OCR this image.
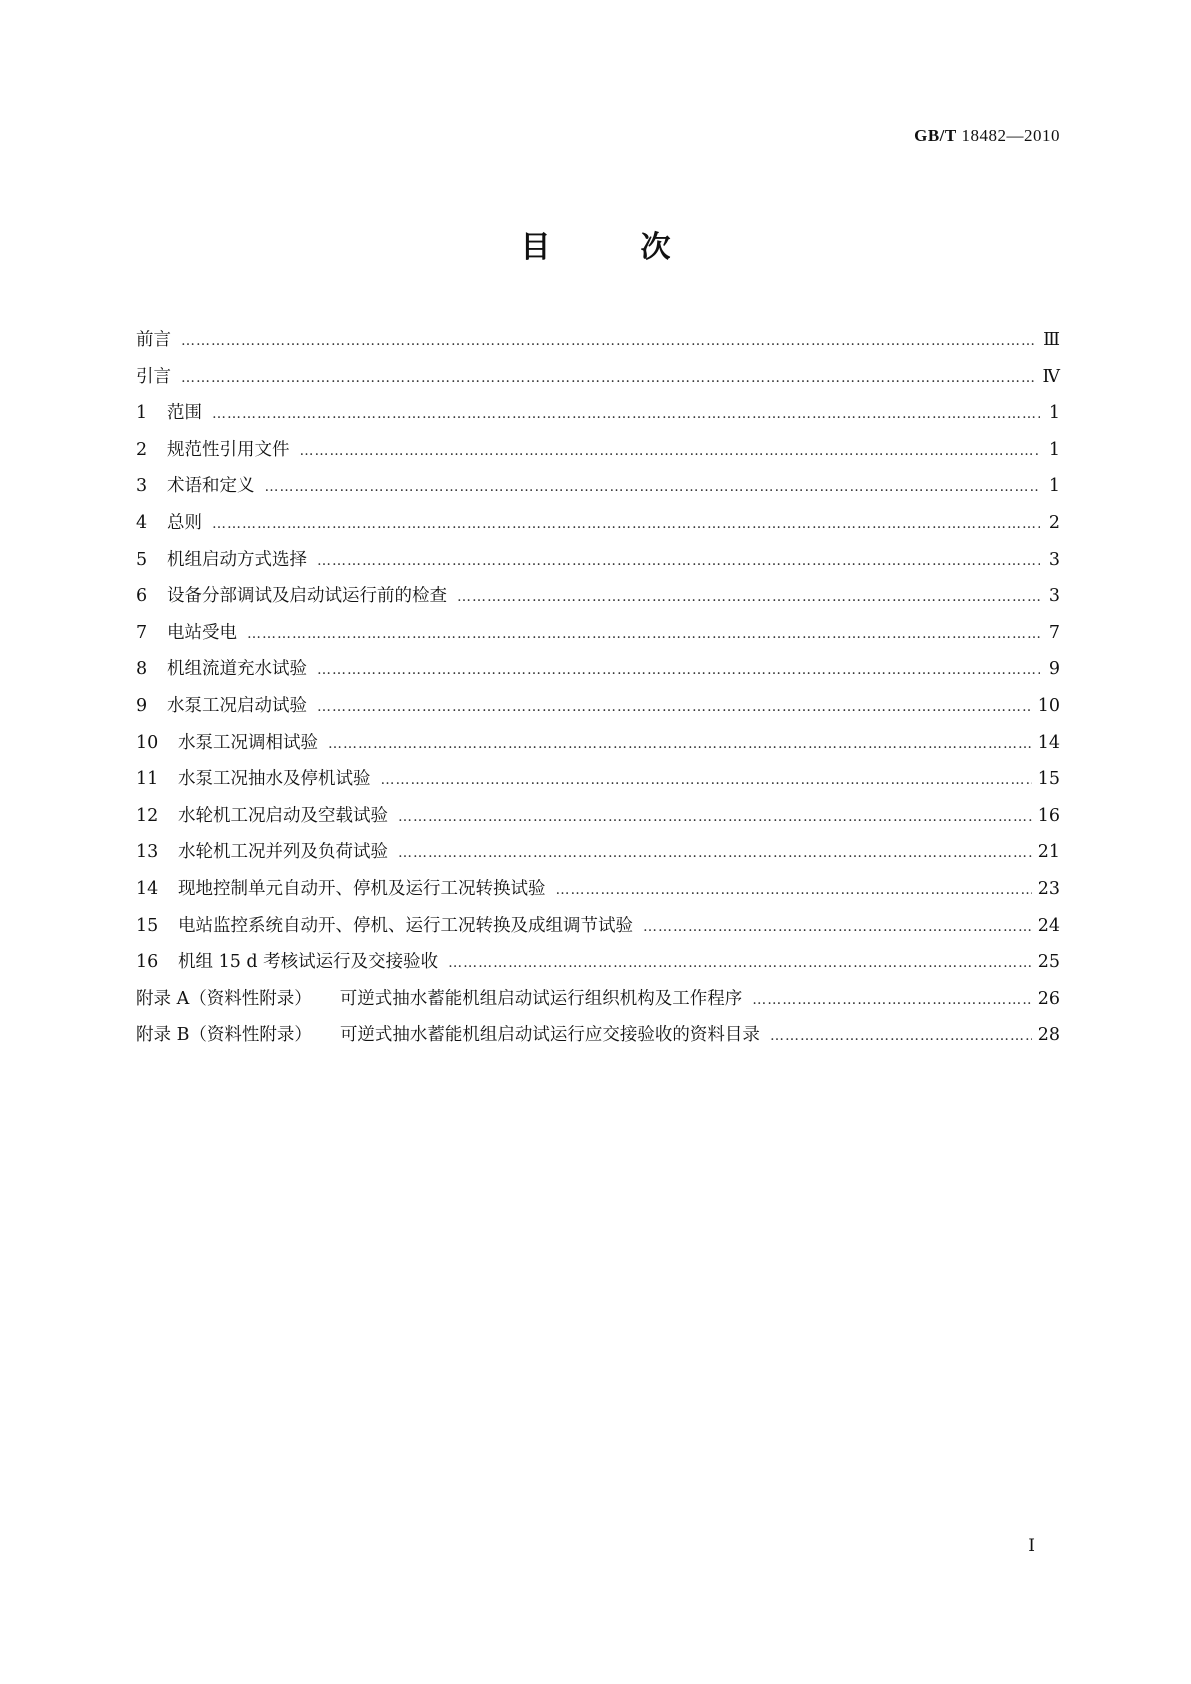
GB/T 18482—2010
目	次
前言 ……………………………………………………………………………………………………………………………………………………………………………………	Ⅲ
引言 ……………………………………………………………………………………………………………………………………………………………………………………	Ⅳ
1	范围 ……………………………………………………………………………………………………………………………………………………………………………………	1
2	规范性引用文件 ……………………………………………………………………………………………………………………………………………………………………………………	1
3	术语和定义 ……………………………………………………………………………………………………………………………………………………………………………………	1
4	总则 ……………………………………………………………………………………………………………………………………………………………………………………	2
5	机组启动方式选择 ……………………………………………………………………………………………………………………………………………………………………………………	3
6	设备分部调试及启动试运行前的检查 ……………………………………………………………………………………………………………………………………………………………………………………	3
7	电站受电 ……………………………………………………………………………………………………………………………………………………………………………………	7
8	机组流道充水试验 ……………………………………………………………………………………………………………………………………………………………………………………	9
9	水泵工况启动试验 ……………………………………………………………………………………………………………………………………………………………………………………	10
10	水泵工况调相试验 ……………………………………………………………………………………………………………………………………………………………………………………	14
11	水泵工况抽水及停机试验 ……………………………………………………………………………………………………………………………………………………………………………………	15
12	水轮机工况启动及空载试验 ……………………………………………………………………………………………………………………………………………………………………………………	16
13	水轮机工况并列及负荷试验 ……………………………………………………………………………………………………………………………………………………………………………………	21
14	现地控制单元自动开、停机及运行工况转换试验 ……………………………………………………………………………………………………………………………………………………………………………………	23
15	电站监控系统自动开、停机、运行工况转换及成组调节试验 ……………………………………………………………………………………………………………………………………………………………………………………	24
16	机组 15 d 考核试运行及交接验收 ……………………………………………………………………………………………………………………………………………………………………………………	25
附录 A（资料性附录） 可逆式抽水蓄能机组启动试运行组织机构及工作程序 ……………………………………………………………………………………………………………………………………………………………………………………	26
附录 B（资料性附录） 可逆式抽水蓄能机组启动试运行应交接验收的资料目录 ……………………………………………………………………………………………………………………………………………………………………………………	28
I
